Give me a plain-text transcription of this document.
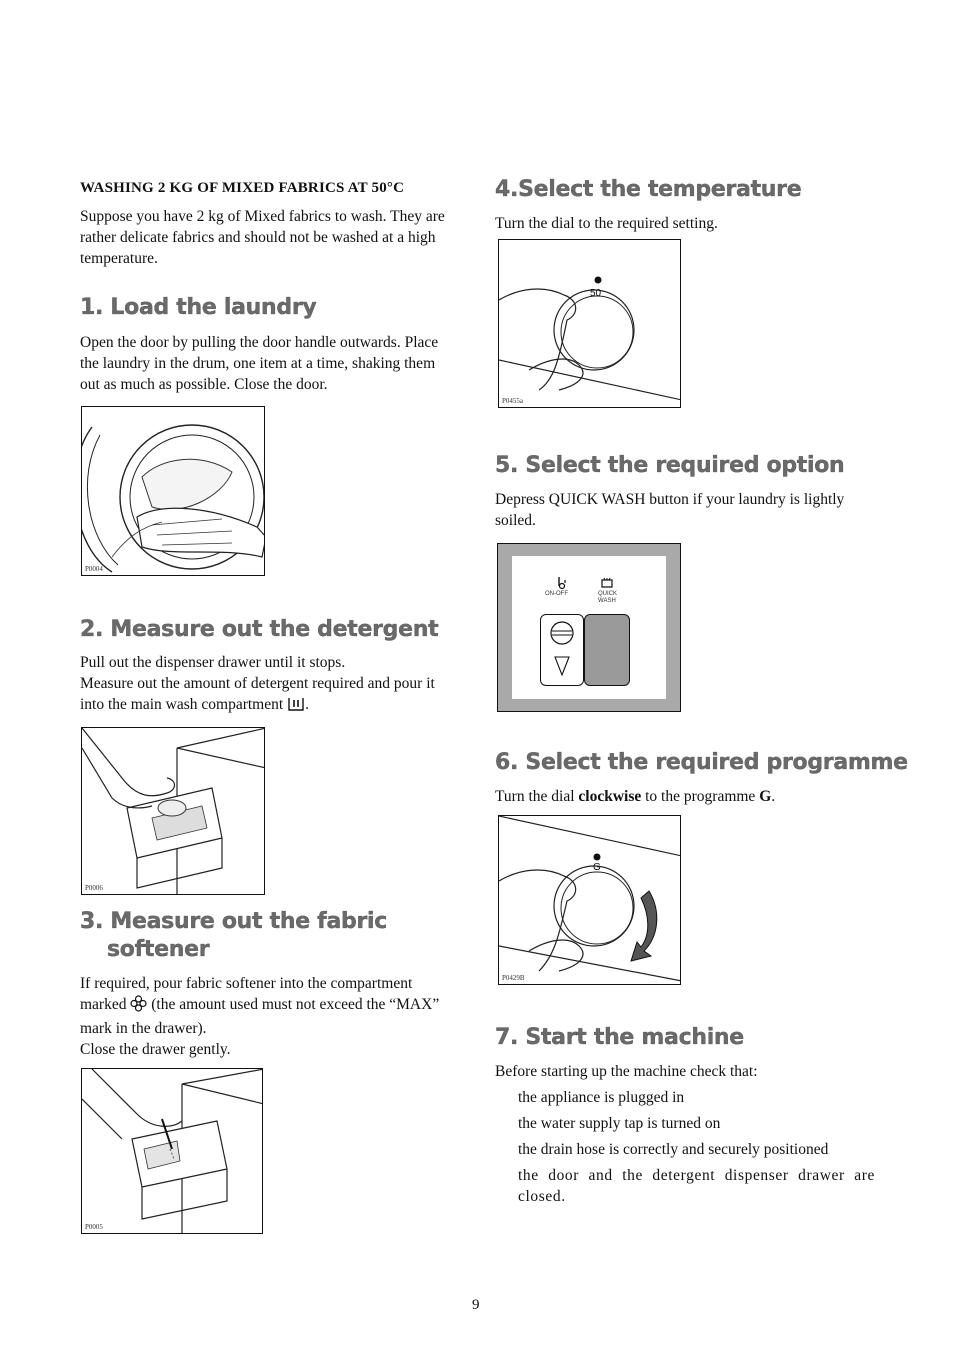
WASHING 2 KG OF MIXED FABRICS AT 50°C
Suppose you have 2 kg of Mixed fabrics to wash. They are rather delicate fabrics and should not be washed at a high temperature.
1. Load the laundry
Open the door by pulling the door handle outwards. Place the laundry in the drum, one item at a time, shaking them out as much as possible. Close the door.
P0004
2. Measure out the detergent
Pull out the dispenser drawer until it stops.
Measure out the amount of detergent required and pour it into the main wash compartment .
P0006
3. Measure out the fabric
softener
If required, pour fabric softener into the compartment marked (the amount used must not exceed the “MAX” mark in the drawer).
Close the drawer gently.
P0005
4.Select the temperature
Turn the dial to the required setting.
50
P0455a
5. Select the required option
Depress QUICK WASH button if your laundry is lightly soiled.
ON-OFF	QUICK
WASH
6. Select the required programme
Turn the dial clockwise to the programme G.
G
P0429B
7. Start the machine
Before starting up the machine check that:
the appliance is plugged in
the water supply tap is turned on
the drain hose is correctly and securely positioned
the door and the detergent dispenser drawer are closed.
9
